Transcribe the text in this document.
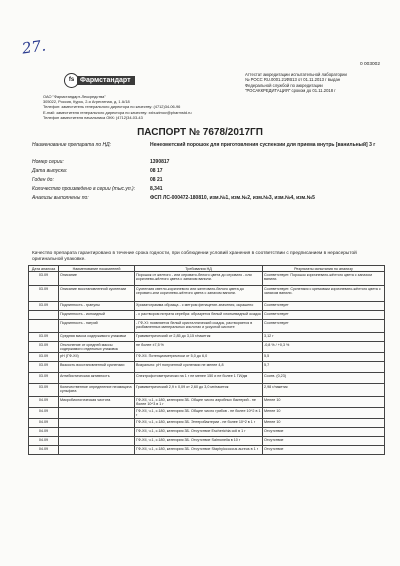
27.
0 003002
fs Фармстандарт
Аттестат аккредитации испытательной лаборатории
№ РОСС RU.0001.21ФВ13 от 01.11.2013 г выдан
Федеральной службой по аккредитации
"РОСАККРЕДИТАЦИЯ" сроком до 01.11.2018 г
ОАО "Фармстандарт-Лексредства"
305022, Россия, Курск, 2-я Агрегатная, д. 1 А/18
Телефон: заместитель генерального директора по качеству: (4712)34-06-96
E-mail: заместителя генерального директора по качеству: xxbuzimov@pharmstd.ru
Телефон заместителя начальника ОКК: (4712)34-03-43
ПАСПОРТ № 7678/2017ГП
Наименование препарата по НД:	Ненеометский порошок для приготовления суспензии для приема внутрь [ванильный] 3 г
Номер серии:	1390817
Дата выпуска:	08 17
Годен до:	08 21
Количество произведено в серии (тыс.уп.):	8,341
Анализы выполнены по:	ФСП ЛС-000472-180810, изм.№1, изм.№2, изм.№3, изм.№4, изм.№5
Качество препарата гарантировано в течение срока годности, при соблюдении условий хранения в соответствии с предписанием в нерасерытой оригинальной упаковке.
Дата анализа	Наименование показателей	Требования НД	Результаты испытания по анализу
03.09	Описание	Порошок от желтого - или серовато-белого цвета до серовато - или коричнево-жёлтого цвета с запахом ванили.	Соответствует. Порошок коричневато-жёлтого цвета с запахом ванили.
03.09	Описание восстановленной суспензии	Суспензия светло-коричневого или желтовато-белого цвета до серовато-или коричнево-жёлтого цвета с запахом ванили.	Соответствует. Суспензия с кремовым коричневато-жёлтого цвета с запахом ванили.
03.09	Подлинность - гранулы	Хроматограмма образца - с метром фенацетин-значения, окрашено	Соответствует
	Подлинность - ионоидный	- с раствором нитрата серебра: образуется белый хлопьевидный осадок	Соответствует
	Подлинность - натрий	- ГФ-ХI: появляется белый кристаллический осадок, растворяется в разбавленных минеральных кислотах и уксусной кислоте	Соответствует
03.09	Средняя масса содержимого упаковки	Гравиметрический от 2,85 до 3,15 г/пакетик	3,12 г
03.09	Отклонение от средней массы содержимого отдельных упаковок	не более ±7,5 %	-0,8 % / +0,3 %
03.09	pH (ГФ-ХII)	ГФ-ХII. Потенциометрически от 5,0 до 6,0	5,5
03.09	Вязкость восстановленной суспензии	Визуально: pH полученной суспензии не менее 4,8	5,7
03.09	Антибиотическая активность	Спектрофотометрически на 1 г не менее 150 и не более 1 ГИ/дм	Соотв. (0,23)
03.09	Количественное определение неомицина сульфата	Гравиметрический 2,9 ± 0,09 от 2,60 до 3,0 мг/пакетик	2,98 г/пакетик
04.09	Микробиологическая чистота	ГФ-ХII, ч.1, с.180, категория 3Б. Общее число аэробных бактерий - не более 10^3 в 1 г	Менее 10
04.09		ГФ-ХII, ч.1, с.180, категория 3Б. Общее число грибов - не более 10^2 в 1 г	Менее 10
04.09		ГФ-ХII, ч.1, с.180, категория 3Б. Энтеробактерии - не более 10^2 в 1 г	Менее 10
04.09		ГФ-ХII, ч.1, с.180, категория 3Б. Отсутствие Escherichia coli в 1 г	Отсутствие
04.09		ГФ-ХII, ч.1, с.180, категория 3Б. Отсутствие Salmonella в 10 г	Отсутствие
04.09		ГФ-ХII, ч.1, с.180, категория 3Б. Отсутствие Staphylococcus aureus в 1 г	Отсутствие
